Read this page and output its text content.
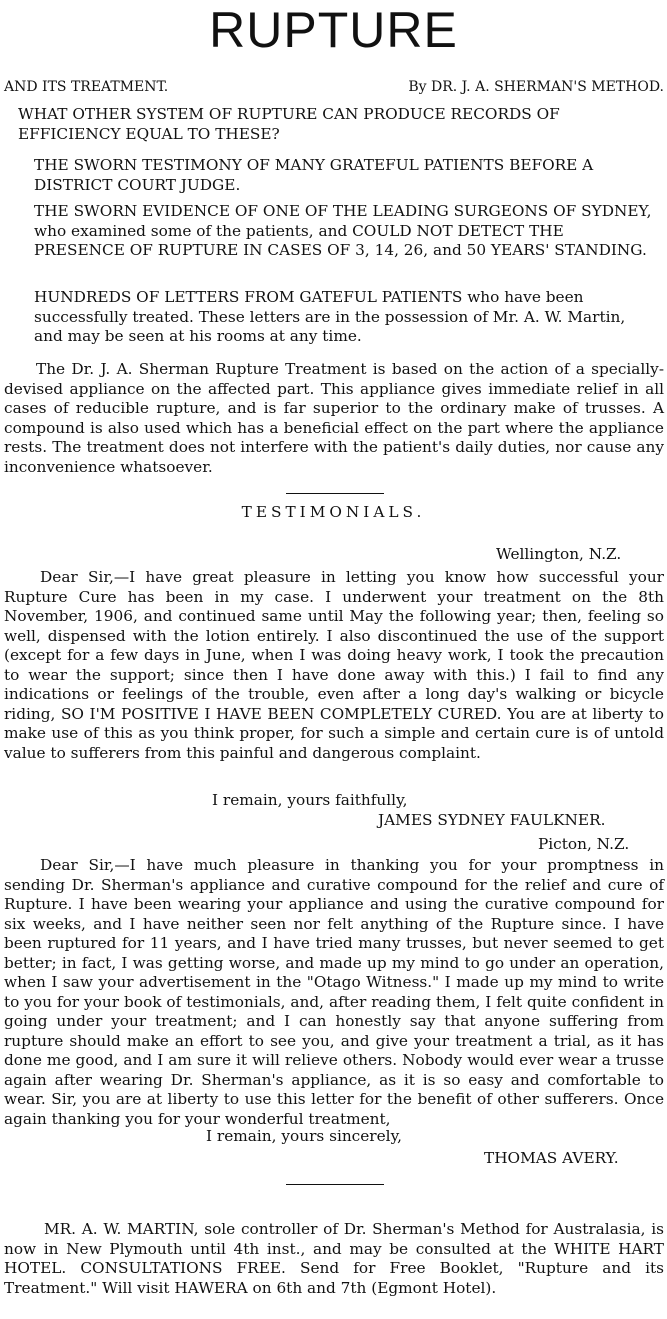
RUPTURE
AND ITS TREATMENT.	By DR. J. A. SHERMAN'S METHOD.
WHAT OTHER SYSTEM OF RUPTURE CAN PRODUCE RECORDS OF EFFICIENCY EQUAL TO THESE?
THE SWORN TESTIMONY OF MANY GRATEFUL PATIENTS BEFORE A DISTRICT COURT JUDGE.
THE SWORN EVIDENCE OF ONE OF THE LEADING SURGEONS OF SYDNEY, who examined some of the patients, and COULD NOT DETECT THE PRESENCE OF RUPTURE IN CASES OF 3, 14, 26, and 50 YEARS' STANDING.
HUNDREDS OF LETTERS FROM GATEFUL PATIENTS who have been successfully treated. These letters are in the possession of Mr. A. W. Martin, and may be seen at his rooms at any time.
The Dr. J. A. Sherman Rupture Treatment is based on the action of a specially-devised appliance on the affected part. This appliance gives immediate relief in all cases of reducible rupture, and is far superior to the ordinary make of trusses. A compound is also used which has a beneficial effect on the part where the appliance rests. The treatment does not interfere with the patient's daily duties, nor cause any inconvenience whatsoever.
TESTIMONIALS.
Wellington, N.Z.
Dear Sir,—I have great pleasure in letting you know how successful your Rupture Cure has been in my case. I underwent your treatment on the 8th November, 1906, and continued same until May the following year; then, feeling so well, dispensed with the lotion entirely. I also discontinued the use of the support (except for a few days in June, when I was doing heavy work, I took the precaution to wear the support; since then I have done away with this.) I fail to find any indications or feelings of the trouble, even after a long day's walking or bicycle riding, SO I'M POSITIVE I HAVE BEEN COMPLETELY CURED. You are at liberty to make use of this as you think proper, for such a simple and certain cure is of untold value to sufferers from this painful and dangerous complaint.
I remain, yours faithfully,
JAMES SYDNEY FAULKNER.
Picton, N.Z.
Dear Sir,—I have much pleasure in thanking you for your promptness in sending Dr. Sherman's appliance and curative compound for the relief and cure of Rupture. I have been wearing your appliance and using the curative compound for six weeks, and I have neither seen nor felt anything of the Rupture since. I have been ruptured for 11 years, and I have tried many trusses, but never seemed to get better; in fact, I was getting worse, and made up my mind to go under an operation, when I saw your advertisement in the "Otago Witness." I made up my mind to write to you for your book of testimonials, and, after reading them, I felt quite confident in going under your treatment; and I can honestly say that anyone suffering from rupture should make an effort to see you, and give your treatment a trial, as it has done me good, and I am sure it will relieve others. Nobody would ever wear a trusse again after wearing Dr. Sherman's appliance, as it is so easy and comfortable to wear. Sir, you are at liberty to use this letter for the benefit of other sufferers. Once again thanking you for your wonderful treatment,
I remain, yours sincerely,
THOMAS AVERY.
MR. A. W. MARTIN, sole controller of Dr. Sherman's Method for Australasia, is now in New Plymouth until 4th inst., and may be consulted at the WHITE HART HOTEL. CONSULTATIONS FREE. Send for Free Booklet, "Rupture and its Treatment." Will visit HAWERA on 6th and 7th (Egmont Hotel).
